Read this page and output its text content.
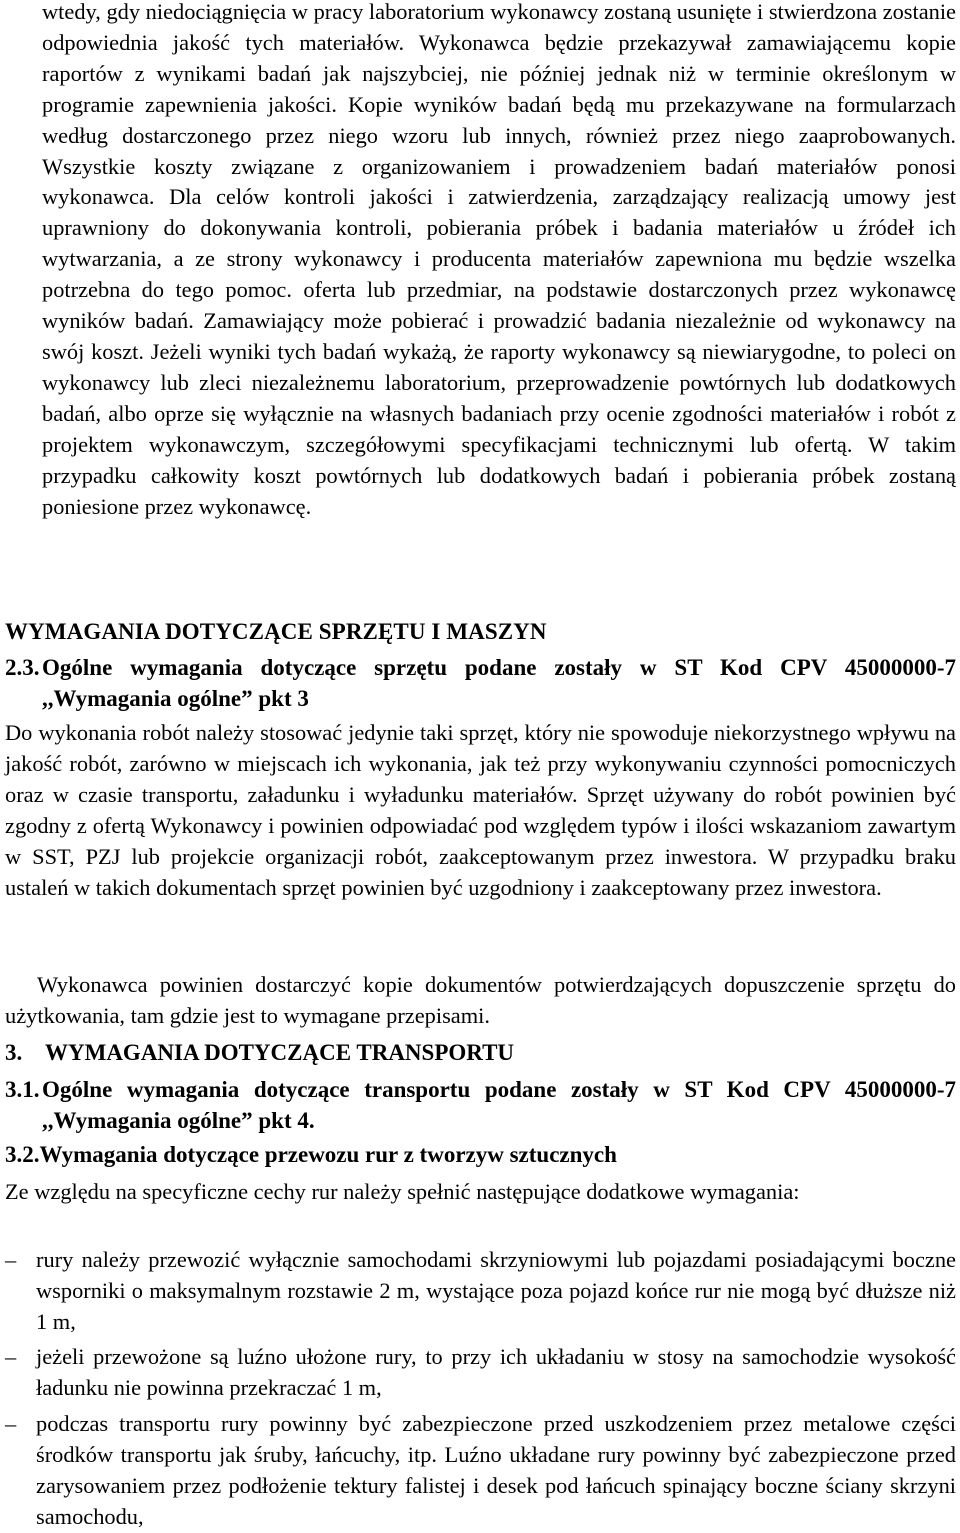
wtedy, gdy niedociągnięcia w pracy laboratorium wykonawcy zostaną usunięte i stwierdzona zostanie odpowiednia jakość tych materiałów. Wykonawca będzie przekazywał zamawiającemu kopie raportów z wynikami badań jak najszybciej, nie później jednak niż w terminie określonym w programie zapewnienia jakości. Kopie wyników badań będą mu przekazywane na formularzach według dostarczonego przez niego wzoru lub innych, również przez niego zaaprobowanych. Wszystkie koszty związane z organizowaniem i prowadzeniem badań materiałów ponosi wykonawca. Dla celów kontroli jakości i zatwierdzenia, zarządzający realizacją umowy jest uprawniony do dokonywania kontroli, pobierania próbek i badania materiałów u źródeł ich wytwarzania, a ze strony wykonawcy i producenta materiałów zapewniona mu będzie wszelka potrzebna do tego pomoc. oferta lub przedmiar, na podstawie dostarczonych przez wykonawcę wyników badań. Zamawiający może pobierać i prowadzić badania niezależnie od wykonawcy na swój koszt. Jeżeli wyniki tych badań wykażą, że raporty wykonawcy są niewiarygodne, to poleci on wykonawcy lub zleci niezależnemu laboratorium, przeprowadzenie powtórnych lub dodatkowych badań, albo oprze się wyłącznie na własnych badaniach przy ocenie zgodności materiałów i robót z projektem wykonawczym, szczegółowymi specyfikacjami technicznymi lub ofertą. W takim przypadku całkowity koszt powtórnych lub dodatkowych badań i pobierania próbek zostaną poniesione przez wykonawcę.

WYMAGANIA DOTYCZĄCE SPRZĘTU I MASZYN
2.3. Ogólne wymagania dotyczące sprzętu podane zostały w ST Kod CPV 45000000-7 ,,Wymagania ogólne” pkt 3

Do wykonania robót należy stosować jedynie taki sprzęt, który nie spowoduje niekorzystnego wpływu na jakość robót, zarówno w miejscach ich wykonania, jak też przy wykonywaniu czynności pomocniczych oraz w czasie transportu, załadunku i wyładunku materiałów. Sprzęt używany do robót powinien być zgodny z ofertą Wykonawcy i powinien odpowiadać pod względem typów i ilości wskazaniom zawartym w SST, PZJ lub projekcie organizacji robót, zaakceptowanym przez inwestora. W przypadku braku ustaleń w takich dokumentach sprzęt powinien być uzgodniony i zaakceptowany przez inwestora.

Wykonawca powinien dostarczyć kopie dokumentów potwierdzających dopuszczenie sprzętu do użytkowania, tam gdzie jest to wymagane przepisami.

3. WYMAGANIA DOTYCZĄCE TRANSPORTU
3.1. Ogólne wymagania dotyczące transportu podane zostały w ST Kod CPV 45000000-7 ,,Wymagania ogólne” pkt 4.
3.2.Wymagania dotyczące przewozu rur z tworzyw sztucznych

Ze względu na specyficzne cechy rur należy spełnić następujące dodatkowe wymagania:

– rury należy przewozić wyłącznie samochodami skrzyniowymi lub pojazdami posiadającymi boczne wsporniki o maksymalnym rozstawie 2 m, wystające poza pojazd końce rur nie mogą być dłuższe niż 1 m,

– jeżeli przewożone są luźno ułożone rury, to przy ich układaniu w stosy na samochodzie wysokość ładunku nie powinna przekraczać 1 m,

– podczas transportu rury powinny być zabezpieczone przed uszkodzeniem przez metalowe części środków transportu jak śruby, łańcuchy, itp. Luźno układane rury powinny być zabezpieczone przed zarysowaniem przez podłożenie tektury falistej i desek pod łańcuch spinający boczne ściany skrzyni samochodu,
